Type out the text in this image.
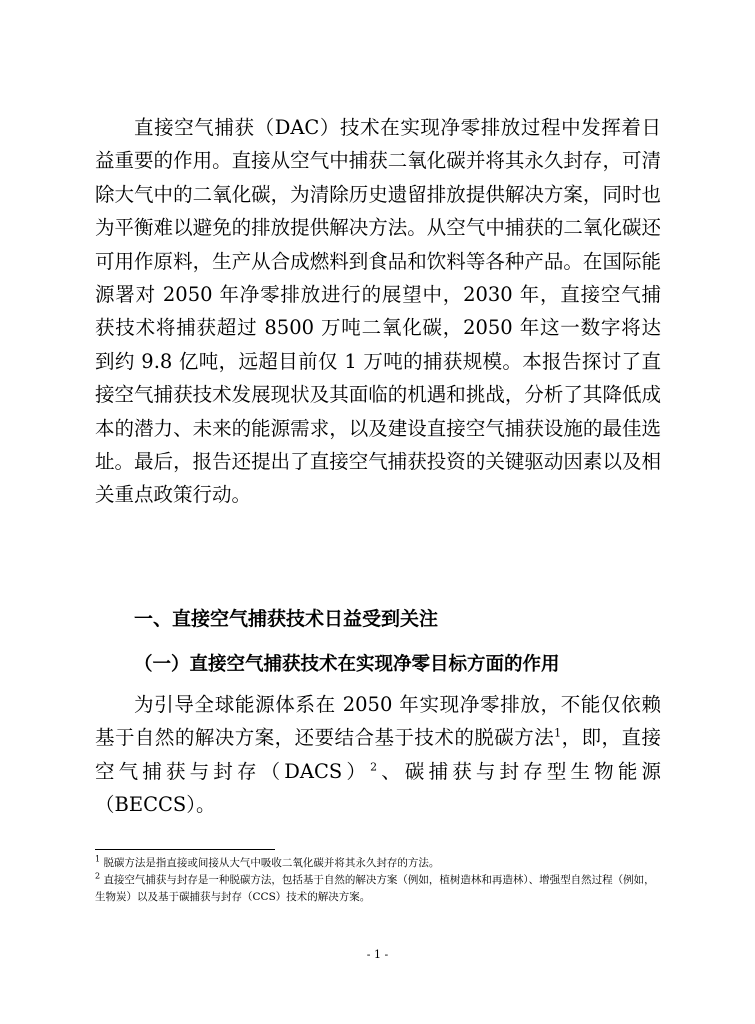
直接空气捕获（DAC）技术在实现净零排放过程中发挥着日益重要的作用。直接从空气中捕获二氧化碳并将其永久封存，可清除大气中的二氧化碳，为清除历史遗留排放提供解决方案，同时也为平衡难以避免的排放提供解决方法。从空气中捕获的二氧化碳还可用作原料，生产从合成燃料到食品和饮料等各种产品。在国际能源署对 2050 年净零排放进行的展望中，2030 年，直接空气捕获技术将捕获超过 8500 万吨二氧化碳，2050 年这一数字将达到约 9.8 亿吨，远超目前仅 1 万吨的捕获规模。本报告探讨了直接空气捕获技术发展现状及其面临的机遇和挑战，分析了其降低成本的潜力、未来的能源需求，以及建设直接空气捕获设施的最佳选址。最后，报告还提出了直接空气捕获投资的关键驱动因素以及相关重点政策行动。

一、直接空气捕获技术日益受到关注
（一）直接空气捕获技术在实现净零目标方面的作用

为引导全球能源体系在 2050 年实现净零排放，不能仅依赖基于自然的解决方案，还要结合基于技术的脱碳方法$^1$，即，直接空气捕获与封存（DACS）$^2$、碳捕获与封存型生物能源（BECCS）。

$^1$ 脱碳方法是指直接或间接从大气中吸收二氧化碳并将其永久封存的方法。

$^2$ 直接空气捕获与封存是一种脱碳方法，包括基于自然的解决方案（例如，植树造林和再造林）、增强型自然过程（例如，生物炭）以及基于碳捕获与封存（CCS）技术的解决方案。

- 1 -
